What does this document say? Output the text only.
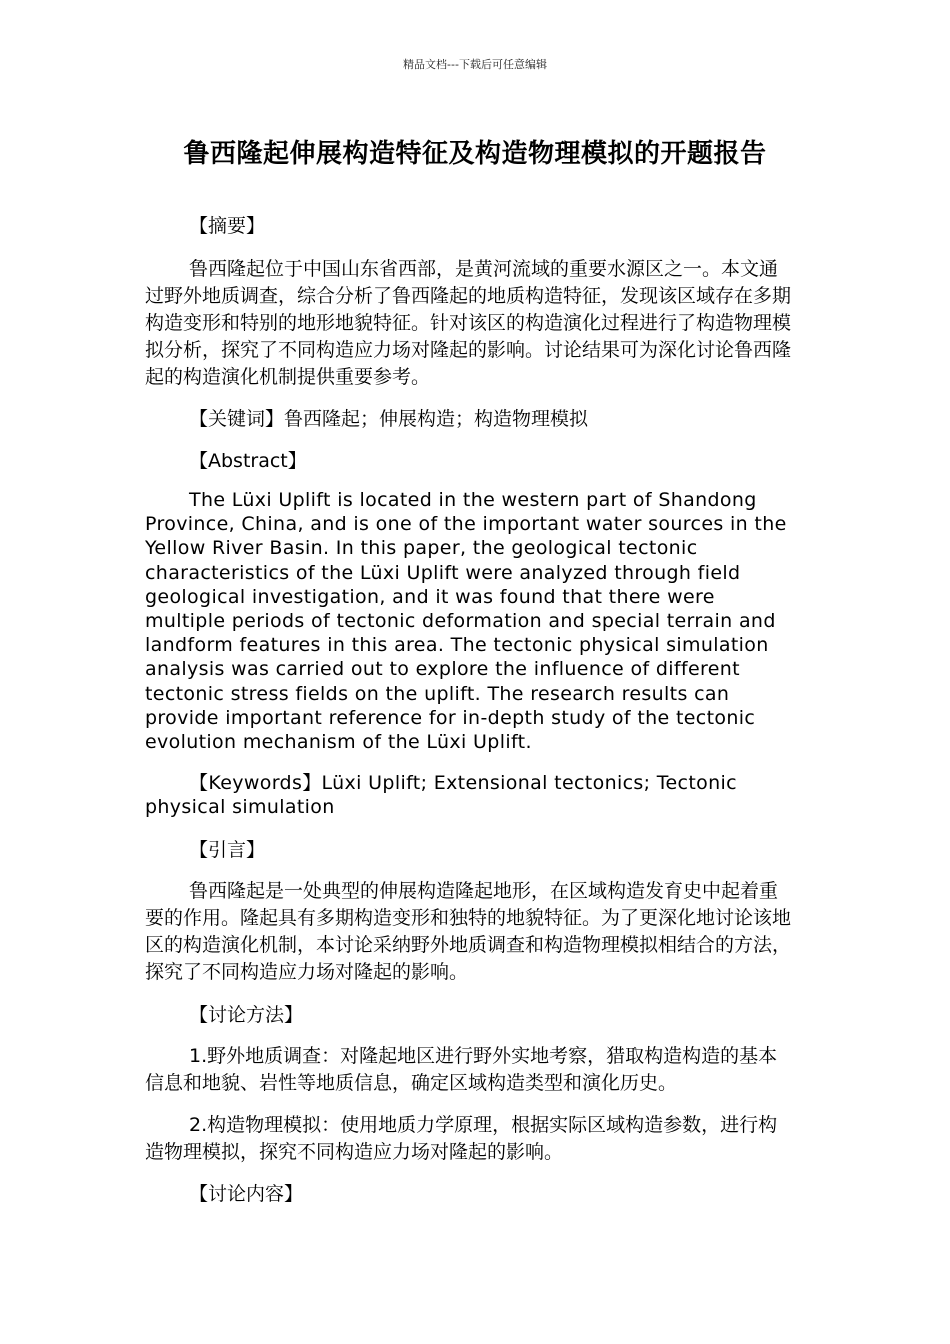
精品文档---下载后可任意编辑
鲁西隆起伸展构造特征及构造物理模拟的开题报告
【摘要】

鲁西隆起位于中国山东省西部，是黄河流域的重要水源区之一。本文通过野外地质调查，综合分析了鲁西隆起的地质构造特征，发现该区域存在多期构造变形和特别的地形地貌特征。针对该区的构造演化过程进行了构造物理模拟分析，探究了不同构造应力场对隆起的影响。讨论结果可为深化讨论鲁西隆起的构造演化机制提供重要参考。

【关键词】鲁西隆起；伸展构造；构造物理模拟
【Abstract】

The Lüxi Uplift is located in the western part of Shandong Province, China, and is one of the important water sources in the Yellow River Basin. In this paper, the geological tectonic characteristics of the Lüxi Uplift were analyzed through field geological investigation, and it was found that there were multiple periods of tectonic deformation and special terrain and landform features in this area. The tectonic physical simulation analysis was carried out to explore the influence of different tectonic stress fields on the uplift. The research results can provide important reference for in-depth study of the tectonic evolution mechanism of the Lüxi Uplift.

【Keywords】Lüxi Uplift; Extensional tectonics; Tectonic physical simulation

【引言】

鲁西隆起是一处典型的伸展构造隆起地形，在区域构造发育史中起着重要的作用。隆起具有多期构造变形和独特的地貌特征。为了更深化地讨论该地区的构造演化机制，本讨论采纳野外地质调查和构造物理模拟相结合的方法，探究了不同构造应力场对隆起的影响。

【讨论方法】

1.野外地质调查：对隆起地区进行野外实地考察，猎取构造构造的基本信息和地貌、岩性等地质信息，确定区域构造类型和演化历史。

2.构造物理模拟：使用地质力学原理，根据实际区域构造参数，进行构造物理模拟，探究不同构造应力场对隆起的影响。

【讨论内容】
